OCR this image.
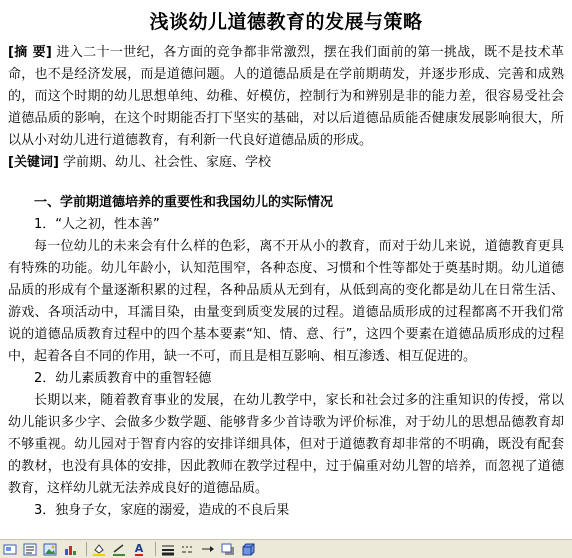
浅谈幼儿道德教育的发展与策略

[摘 要] 进入二十一世纪，各方面的竞争都非常激烈，摆在我们面前的第一挑战，既不是技术革命，也不是经济发展，而是道德问题。人的道德品质是在学前期萌发，并逐步形成、完善和成熟的，而这个时期的幼儿思想单纯、幼稚、好模仿，控制行为和辨别是非的能力差，很容易受社会道德品质的影响，在这个时期能否打下坚实的基础，对以后道德品质能否健康发展影响很大，所以从小对幼儿进行道德教育，有利新一代良好道德品质的形成。

[关键词] 学前期、幼儿、社会性、家庭、学校

一、学前期道德培养的重要性和我国幼儿的实际情况

1．“人之初，性本善”

每一位幼儿的未来会有什么样的色彩，离不开从小的教育，而对于幼儿来说，道德教育更具有特殊的功能。幼儿年龄小，认知范围窄，各种态度、习惯和个性等都处于奠基时期。幼儿道德品质的形成有个量逐渐积累的过程，各种品质从无到有，从低到高的变化都是幼儿在日常生活、游戏、各项活动中，耳濡目染，由量变到质变发展的过程。道德品质形成的过程都离不开我们常说的道德品质教育过程中的四个基本要素“知、情、意、行”，这四个要素在道德品质形成的过程中，起着各自不同的作用，缺一不可，而且是相互影响、相互渗透、相互促进的。

2．幼儿素质教育中的重智轻德

长期以来，随着教育事业的发展，在幼儿教学中，家长和社会过多的注重知识的传授，常以幼儿能识多少字、会做多少数学题、能够背多少首诗歌为评价标准，对于幼儿的思想品德教育却不够重视。幼儿园对于智育内容的安排详细具体，但对于道德教育却非常的不明确，既没有配套的教材，也没有具体的安排，因此教师在教学过程中，过于偏重对幼儿智的培养，而忽视了道德教育，这样幼儿就无法养成良好的道德品质。

3．独身子女，家庭的溺爱，造成的不良后果

A
